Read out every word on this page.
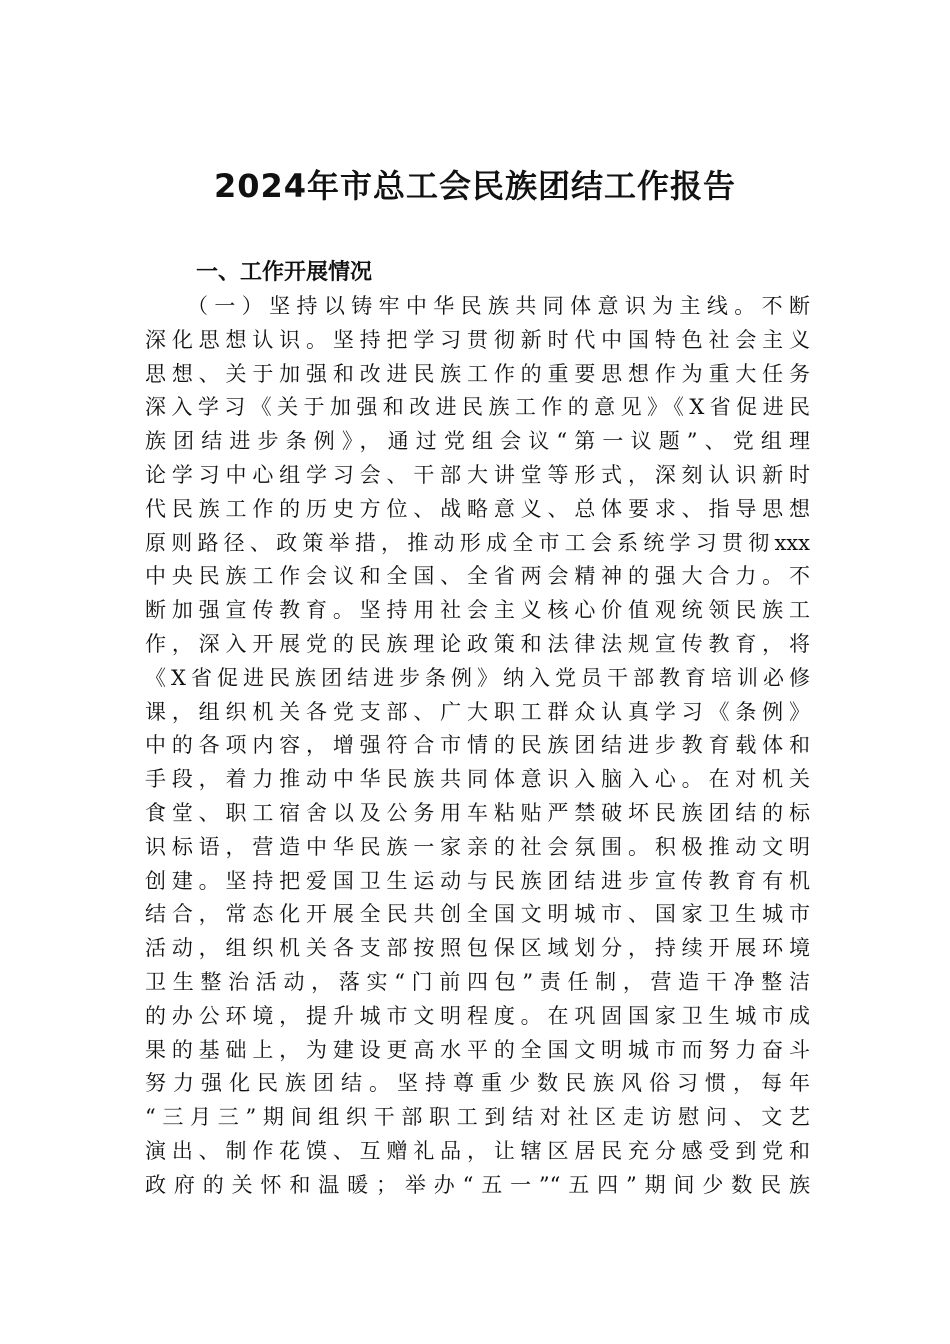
2024年市总工会民族团结工作报告
一、工作开展情况
（一）坚持以铸牢中华民族共同体意识为主线。不断
深化思想认识。坚持把学习贯彻新时代中国特色社会主义
思想、关于加强和改进民族工作的重要思想作为重大任务
深入学习《关于加强和改进民族工作的意见》《X省促进民
族团结进步条例》，通过党组会议“第一议题”、党组理
论学习中心组学习会、干部大讲堂等形式，深刻认识新时
代民族工作的历史方位、战略意义、总体要求、指导思想
原则路径、政策举措，推动形成全市工会系统学习贯彻xxx
中央民族工作会议和全国、全省两会精神的强大合力。不
断加强宣传教育。坚持用社会主义核心价值观统领民族工
作，深入开展党的民族理论政策和法律法规宣传教育，将
《X省促进民族团结进步条例》纳入党员干部教育培训必修
课，组织机关各党支部、广大职工群众认真学习《条例》
中的各项内容，增强符合市情的民族团结进步教育载体和
手段，着力推动中华民族共同体意识入脑入心。在对机关
食堂、职工宿舍以及公务用车粘贴严禁破坏民族团结的标
识标语，营造中华民族一家亲的社会氛围。积极推动文明
创建。坚持把爱国卫生运动与民族团结进步宣传教育有机
结合，常态化开展全民共创全国文明城市、国家卫生城市
活动，组织机关各支部按照包保区域划分，持续开展环境
卫生整治活动，落实“门前四包”责任制，营造干净整洁
的办公环境，提升城市文明程度。在巩固国家卫生城市成
果的基础上，为建设更高水平的全国文明城市而努力奋斗
努力强化民族团结。坚持尊重少数民族风俗习惯，每年
“三月三”期间组织干部职工到结对社区走访慰问、文艺
演出、制作花馍、互赠礼品，让辖区居民充分感受到党和
政府的关怀和温暖；举办“五一”“五四”期间少数民族
